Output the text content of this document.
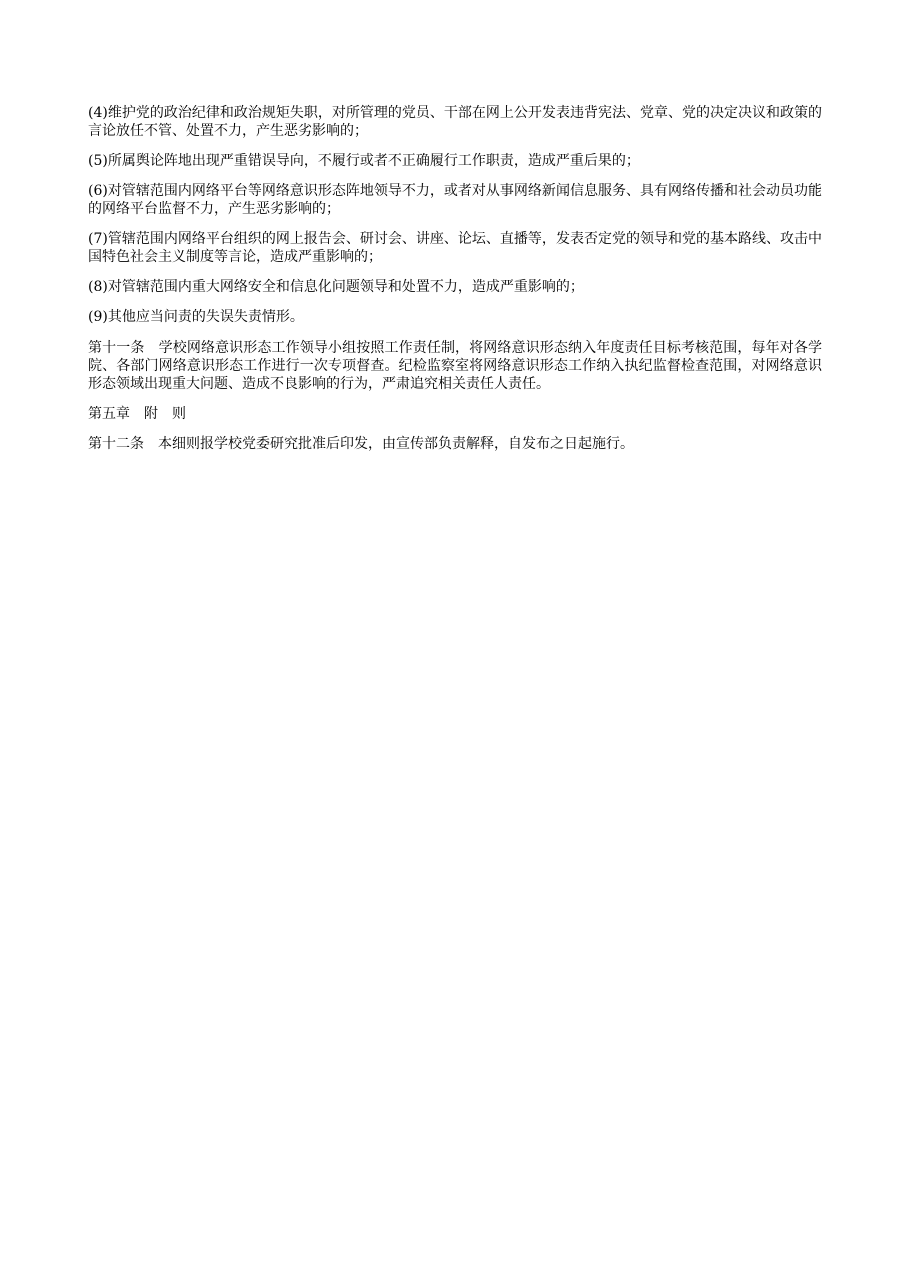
(4)维护党的政治纪律和政治规矩失职，对所管理的党员、干部在网上公开发表违背宪法、党章、党的决定决议和政策的言论放任不管、处置不力，产生恶劣影响的；

(5)所属舆论阵地出现严重错误导向，不履行或者不正确履行工作职责，造成严重后果的；

(6)对管辖范围内网络平台等网络意识形态阵地领导不力，或者对从事网络新闻信息服务、具有网络传播和社会动员功能的网络平台监督不力，产生恶劣影响的；

(7)管辖范围内网络平台组织的网上报告会、研讨会、讲座、论坛、直播等，发表否定党的领导和党的基本路线、攻击中国特色社会主义制度等言论，造成严重影响的；

(8)对管辖范围内重大网络安全和信息化问题领导和处置不力，造成严重影响的；

(9)其他应当问责的失误失责情形。

第十一条　学校网络意识形态工作领导小组按照工作责任制，将网络意识形态纳入年度责任目标考核范围，每年对各学院、各部门网络意识形态工作进行一次专项督查。纪检监察室将网络意识形态工作纳入执纪监督检查范围，对网络意识形态领域出现重大问题、造成不良影响的行为，严肃追究相关责任人责任。

第五章　附　则

第十二条　本细则报学校党委研究批准后印发，由宣传部负责解释，自发布之日起施行。
